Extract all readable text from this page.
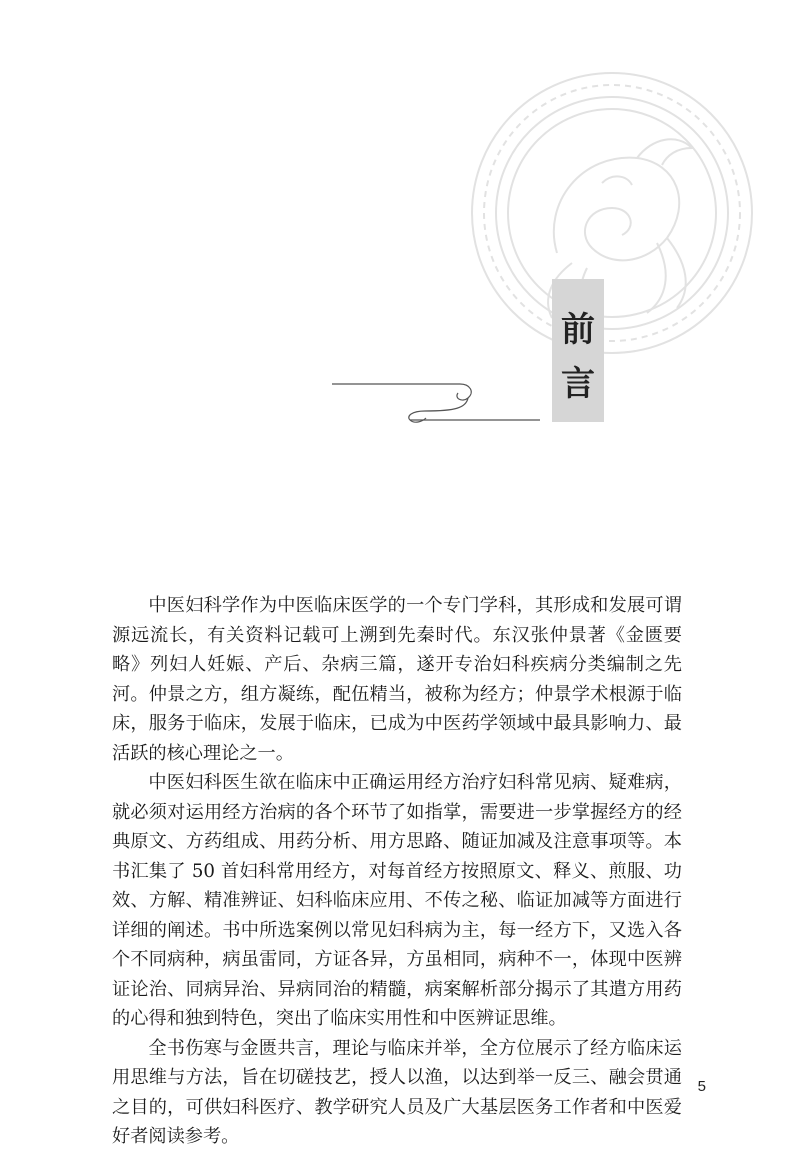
前
言

中医妇科学作为中医临床医学的一个专门学科，其形成和发展可谓源远流长，有关资料记载可上溯到先秦时代。东汉张仲景著《金匮要略》列妇人妊娠、产后、杂病三篇，遂开专治妇科疾病分类编制之先河。仲景之方，组方凝练，配伍精当，被称为经方；仲景学术根源于临床，服务于临床，发展于临床，已成为中医药学领域中最具影响力、最活跃的核心理论之一。

中医妇科医生欲在临床中正确运用经方治疗妇科常见病、疑难病，就必须对运用经方治病的各个环节了如指掌，需要进一步掌握经方的经典原文、方药组成、用药分析、用方思路、随证加减及注意事项等。本书汇集了 50 首妇科常用经方，对每首经方按照原文、释义、煎服、功效、方解、精准辨证、妇科临床应用、不传之秘、临证加减等方面进行详细的阐述。书中所选案例以常见妇科病为主，每一经方下，又选入各个不同病种，病虽雷同，方证各异，方虽相同，病种不一，体现中医辨证论治、同病异治、异病同治的精髓，病案解析部分揭示了其遣方用药的心得和独到特色，突出了临床实用性和中医辨证思维。

全书伤寒与金匮共言，理论与临床并举，全方位展示了经方临床运用思维与方法，旨在切磋技艺，授人以渔，以达到举一反三、融会贯通之目的，可供妇科医疗、教学研究人员及广大基层医务工作者和中医爱好者阅读参考。

5
